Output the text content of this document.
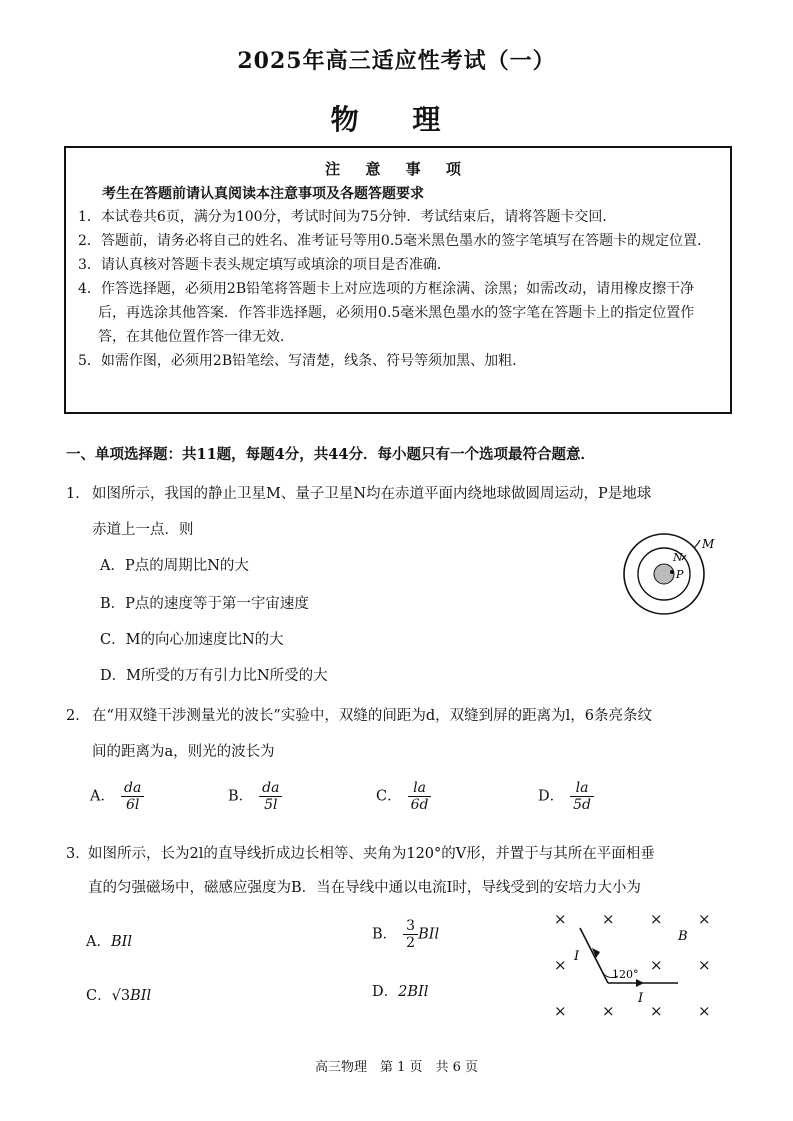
2025年高三适应性考试（一）
物 理
注 意 事 项
考生在答题前请认真阅读本注意事项及各题答题要求
1．本试卷共6页，满分为100分，考试时间为75分钟．考试结束后，请将答题卡交回．
2．答题前，请务必将自己的姓名、准考证号等用0.5毫米黑色墨水的签字笔填写在答题卡的规定位置．
3．请认真核对答题卡表头规定填写或填涂的项目是否准确．
4．作答选择题，必须用2B铅笔将答题卡上对应选项的方框涂满、涂黑；如需改动，请用橡皮擦干净后，再选涂其他答案．作答非选择题，必须用0.5毫米黑色墨水的签字笔在答题卡上的指定位置作答，在其他位置作答一律无效．
5．如需作图，必须用2B铅笔绘、写清楚，线条、符号等须加黑、加粗．
一、单项选择题：共11题，每题4分，共44分．每小题只有一个选项最符合题意．
1． 如图所示，我国的静止卫星M、量子卫星N均在赤道平面内绕地球做圆周运动，P是地球
赤道上一点．则
A．P点的周期比N的大
B．P点的速度等于第一宇宙速度
C．M的向心加速度比N的大
D．M所受的万有引力比N所受的大
M
N
P
2． 在“用双缝干涉测量光的波长”实验中，双缝的间距为d，双缝到屏的距离为l，6条亮条纹
间的距离为a，则光的波长为
A． $\frac{da}{6l}$	B． $\frac{da}{5l}$	C． $\frac{la}{6d}$	D． $\frac{la}{5d}$
3．
如图所示，长为2l的直导线折成边长相等、夹角为120°的V形，并置于与其所在平面相垂
直的匀强磁场中，磁感应强度为B．当在导线中通以电流I时，导线受到的安培力大小为
A．BIl	B． $\frac{3}{2}$ BIl
C．√3BIl	D．2BIl
× × × ×
×	× ×
× × × ×
120°
I
I
B
高三物理　第 1 页　共 6 页
